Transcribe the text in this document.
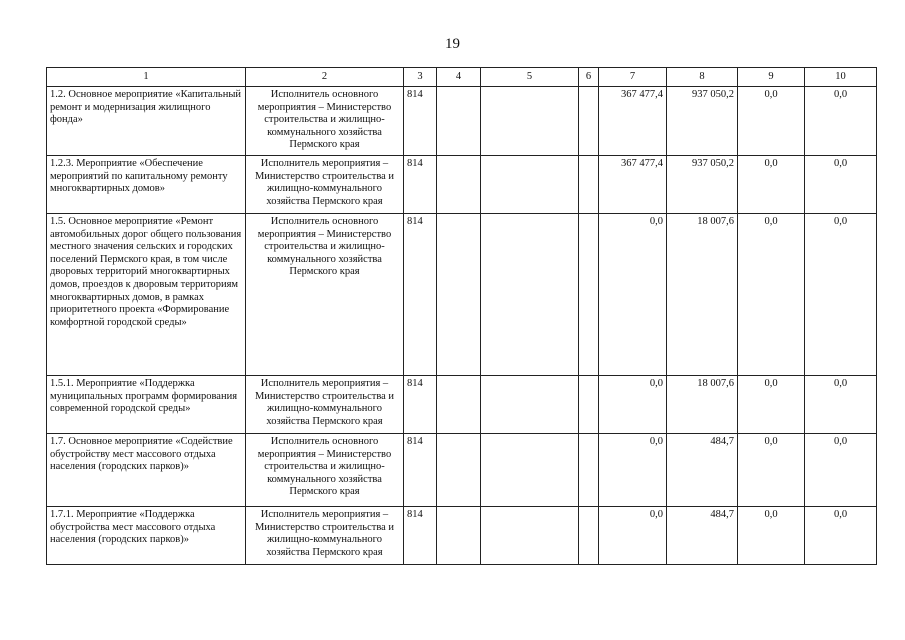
19
1	2	3	4	5	6	7	8	9	10
1.2. Основное мероприятие «Капитальный ремонт и модернизация жилищного фонда»	Исполнитель основного мероприятия – Министерство строительства и жилищно-коммунального хозяйства Пермского края	814				367 477,4	937 050,2	0,0	0,0
1.2.3. Мероприятие «Обеспечение мероприятий по капитальному ремонту многоквартирных домов»	Исполнитель мероприятия – Министерство строительства и жилищно-коммунального хозяйства Пермского края	814				367 477,4	937 050,2	0,0	0,0
1.5. Основное мероприятие «Ремонт автомобильных дорог общего пользования местного значения сельских и городских поселений Пермского края, в том числе дворовых территорий многоквартирных домов, проездов к дворовым территориям многоквартирных домов, в рамках приоритетного проекта «Формирование комфортной городской среды»	Исполнитель основного мероприятия – Министерство строительства и жилищно-коммунального хозяйства Пермского края	814				0,0	18 007,6	0,0	0,0
1.5.1. Мероприятие «Поддержка муниципальных программ формирования современной городской среды»	Исполнитель мероприятия – Министерство строительства и жилищно-коммунального хозяйства Пермского края	814				0,0	18 007,6	0,0	0,0
1.7. Основное мероприятие «Содействие обустройству мест массового отдыха населения (городских парков)»	Исполнитель основного мероприятия – Министерство строительства и жилищно-коммунального хозяйства Пермского края	814				0,0	484,7	0,0	0,0
1.7.1. Мероприятие «Поддержка обустройства мест массового отдыха населения (городских парков)»	Исполнитель мероприятия – Министерство строительства и жилищно-коммунального хозяйства Пермского края	814				0,0	484,7	0,0	0,0
